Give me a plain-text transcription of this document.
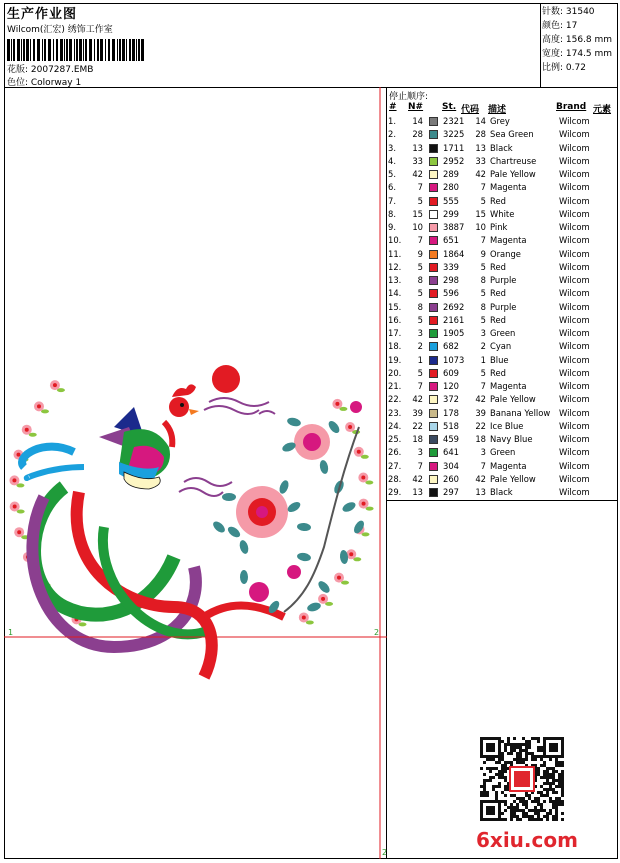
生产作业图
Wilcom(汇宏) 绣饰工作室
花版: 2007287.EMB
色位: Colorway 1
针数: 31540
颜色: 17
高度: 156.8 mm
宽度: 174.5 mm
比例: 0.72
1	2
2
停止顺序:
# N# St. 代码 描述	Brand 元素
1.	14		2321	14	Grey	Wilcom
2.	28		3225	28	Sea Green	Wilcom
3.	13		1711	13	Black	Wilcom
4.	33		2952	33	Chartreuse	Wilcom
5.	42		289	42	Pale Yellow	Wilcom
6.	7		280	7	Magenta	Wilcom
7.	5		555	5	Red	Wilcom
8.	15		299	15	White	Wilcom
9.	10		3887	10	Pink	Wilcom
10.	7		651	7	Magenta	Wilcom
11.	9		1864	9	Orange	Wilcom
12.	5		339	5	Red	Wilcom
13.	8		298	8	Purple	Wilcom
14.	5		596	5	Red	Wilcom
15.	8		2692	8	Purple	Wilcom
16.	5		2161	5	Red	Wilcom
17.	3		1905	3	Green	Wilcom
18.	2		682	2	Cyan	Wilcom
19.	1		1073	1	Blue	Wilcom
20.	5		609	5	Red	Wilcom
21.	7		120	7	Magenta	Wilcom
22.	42		372	42	Pale Yellow	Wilcom
23.	39		178	39	Banana Yellow	Wilcom
24.	22		518	22	Ice Blue	Wilcom
25.	18		459	18	Navy Blue	Wilcom
26.	3		641	3	Green	Wilcom
27.	7		304	7	Magenta	Wilcom
28.	42		260	42	Pale Yellow	Wilcom
29.	13		297	13	Black	Wilcom
6xiu.com
